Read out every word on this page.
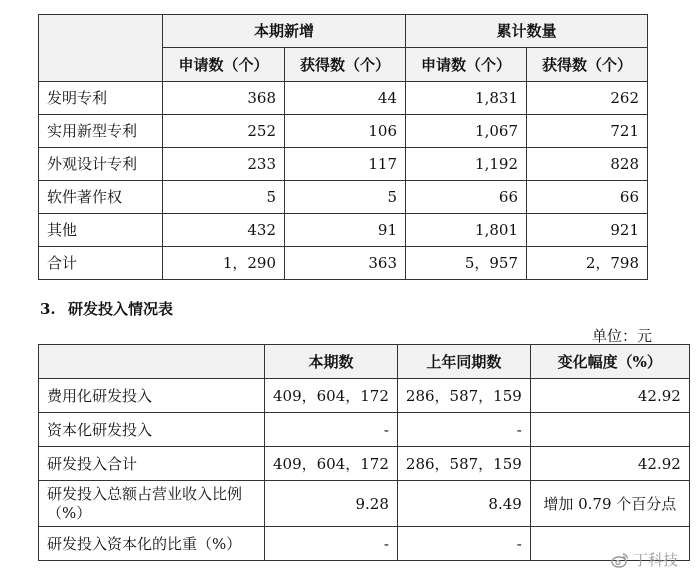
	本期新增		累计数量	
	申请数（个）	获得数（个）	申请数（个）	获得数（个）
发明专利	368	44	1,831	262
实用新型专利	252	106	1,067	721
外观设计专利	233	117	1,192	828
软件著作权	5	5	66	66
其他	432	91	1,801	921
合计	1，290	363	5，957	2，798
3. 研发投入情况表
单位：元
	本期数	上年同期数	变化幅度（%）
费用化研发投入	409，604，172	286，587，159	42.92
资本化研发投入	-	-	
研发投入合计	409，604，172	286，587，159	42.92
研发投入总额占营业收入比例（%）	9.28	8.49	增加 0.79 个百分点
研发投入资本化的比重（%）	-	-	
丁科技
